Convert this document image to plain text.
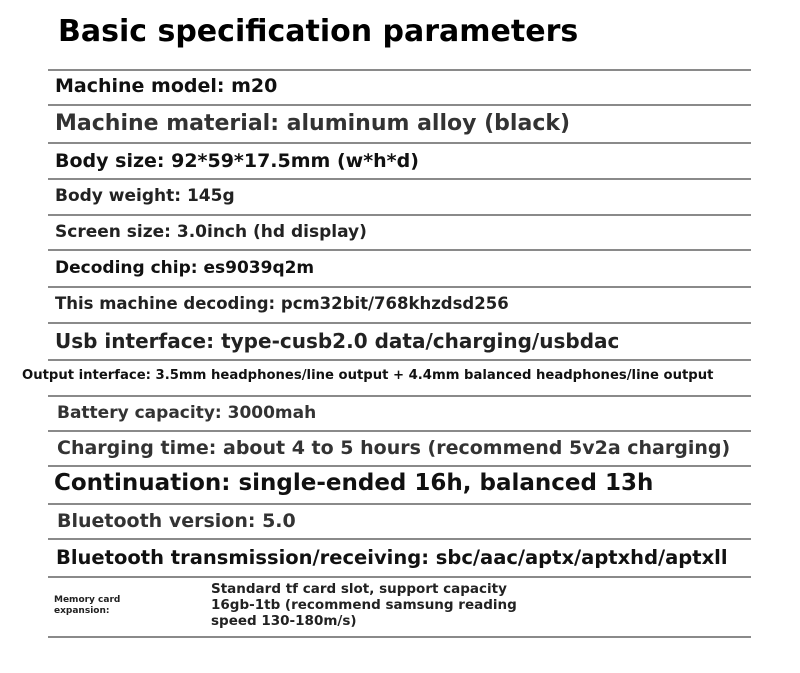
Basic specification parameters
Machine model: m20
Machine material: aluminum alloy (black)
Body size: 92*59*17.5mm (w*h*d)
Body weight: 145g
Screen size: 3.0inch (hd display)
Decoding chip: es9039q2m
This machine decoding: pcm32bit/768khzdsd256
Usb interface: type-cusb2.0 data/charging/usbdac
Output interface: 3.5mm headphones/line output + 4.4mm balanced headphones/line output
Battery capacity: 3000mah
Charging time: about 4 to 5 hours (recommend 5v2a charging)
Continuation: single-ended 16h, balanced 13h
Bluetooth version: 5.0
Bluetooth transmission/receiving: sbc/aac/aptx/aptxhd/aptxll
Memory card
expansion:
Standard tf card slot, support capacity
16gb-1tb (recommend samsung reading
speed 130-180m/s)
